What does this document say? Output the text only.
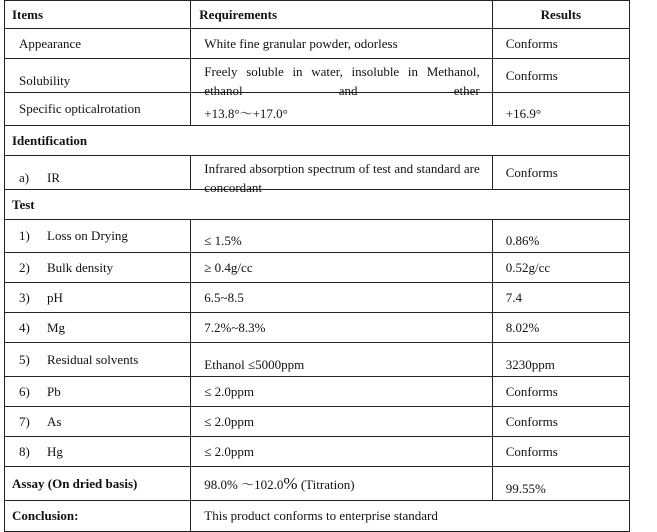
Items	Requirements	Results
Appearance	White fine granular powder, odorless	Conforms
Solubility	Freely soluble in water, insoluble in Methanol, ethanol and ether	Conforms
Specific opticalrotation	+13.8°～+17.0°	+16.9°
Identification		
a) IR	Infrared absorption spectrum of test and standard are concordant	Conforms
Test		
1) Loss on Drying	≤ 1.5%	0.86%
2) Bulk density	≥ 0.4g/cc	0.52g/cc
3) pH	6.5~8.5	7.4
4) Mg	7.2%~8.3%	8.02%
5) Residual solvents	Ethanol ≤5000ppm	3230ppm
6) Pb	≤ 2.0ppm	Conforms
7) As	≤ 2.0ppm	Conforms
8) Hg	≤ 2.0ppm	Conforms
Assay (On dried basis)	98.0% ～102.0% (Titration)	99.55%
Conclusion:	This product conforms to enterprise standard	
